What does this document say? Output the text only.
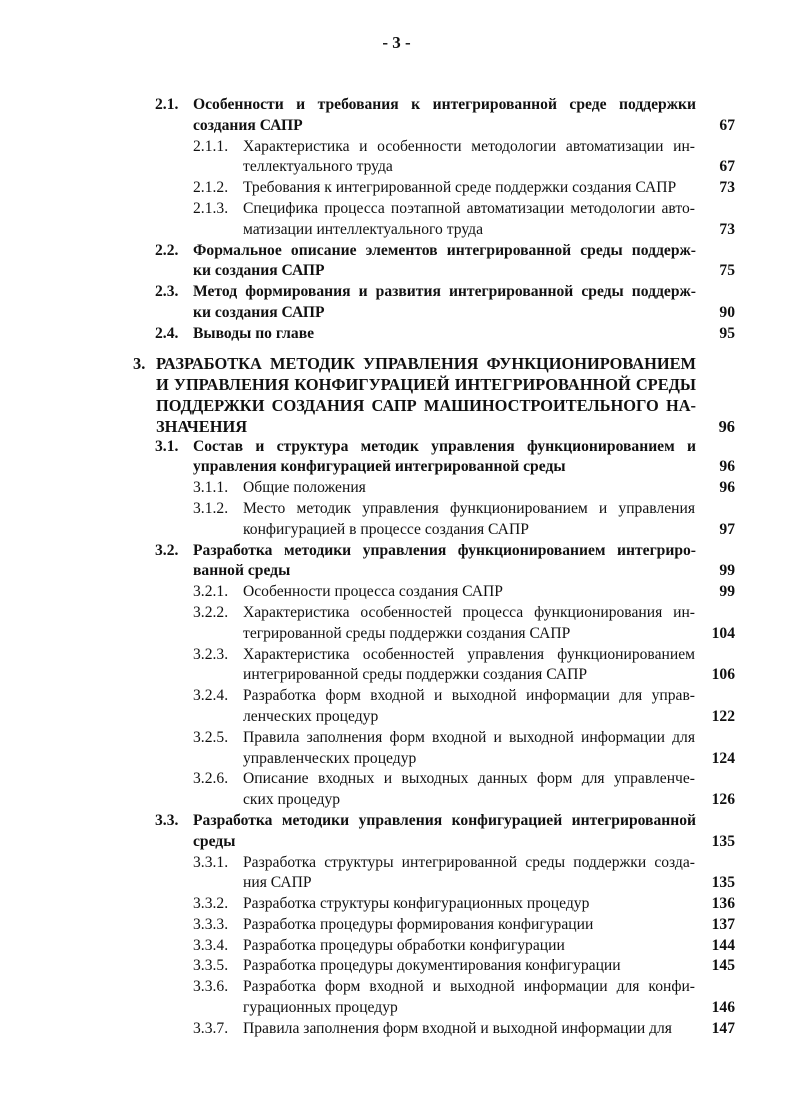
- 3 -
2.1. Особенности и требования к интегрированной среде поддержки
создания САПР	67
2.1.1. Характеристика и особенности методологии автоматизации ин-
теллектуального труда	67
2.1.2. Требования к интегрированной среде поддержки создания САПР	73
2.1.3. Специфика процесса поэтапной автоматизации методологии авто-
матизации интеллектуального труда	73
2.2. Формальное описание элементов интегрированной среды поддерж-
ки создания САПР	75
2.3. Метод формирования и развития интегрированной среды поддерж-
ки создания САПР	90
2.4. Выводы по главе	95
3. РАЗРАБОТКА МЕТОДИК УПРАВЛЕНИЯ ФУНКЦИОНИРОВАНИЕМ
И УПРАВЛЕНИЯ КОНФИГУРАЦИЕЙ ИНТЕГРИРОВАННОЙ СРЕДЫ
ПОДДЕРЖКИ СОЗДАНИЯ САПР МАШИНОСТРОИТЕЛЬНОГО НА-
ЗНАЧЕНИЯ	96
3.1. Состав и структура методик управления функционированием и
управления конфигурацией интегрированной среды	96
3.1.1. Общие положения	96
3.1.2. Место методик управления функционированием и управления
конфигурацией в процессе создания САПР	97
3.2. Разработка методики управления функционированием интегриро-
ванной среды	99
3.2.1. Особенности процесса создания САПР	99
3.2.2. Характеристика особенностей процесса функционирования ин-
тегрированной среды поддержки создания САПР	104
3.2.3. Характеристика особенностей управления функционированием
интегрированной среды поддержки создания САПР	106
3.2.4. Разработка форм входной и выходной информации для управ-
ленческих процедур	122
3.2.5. Правила заполнения форм входной и выходной информации для
управленческих процедур	124
3.2.6. Описание входных и выходных данных форм для управленче-
ских процедур	126
3.3. Разработка методики управления конфигурацией интегрированной
среды	135
3.3.1. Разработка структуры интегрированной среды поддержки созда-
ния САПР	135
3.3.2. Разработка структуры конфигурационных процедур	136
3.3.3. Разработка процедуры формирования конфигурации	137
3.3.4. Разработка процедуры обработки конфигурации	144
3.3.5. Разработка процедуры документирования конфигурации	145
3.3.6. Разработка форм входной и выходной информации для конфи-
гурационных процедур	146
3.3.7. Правила заполнения форм входной и выходной информации для	147
